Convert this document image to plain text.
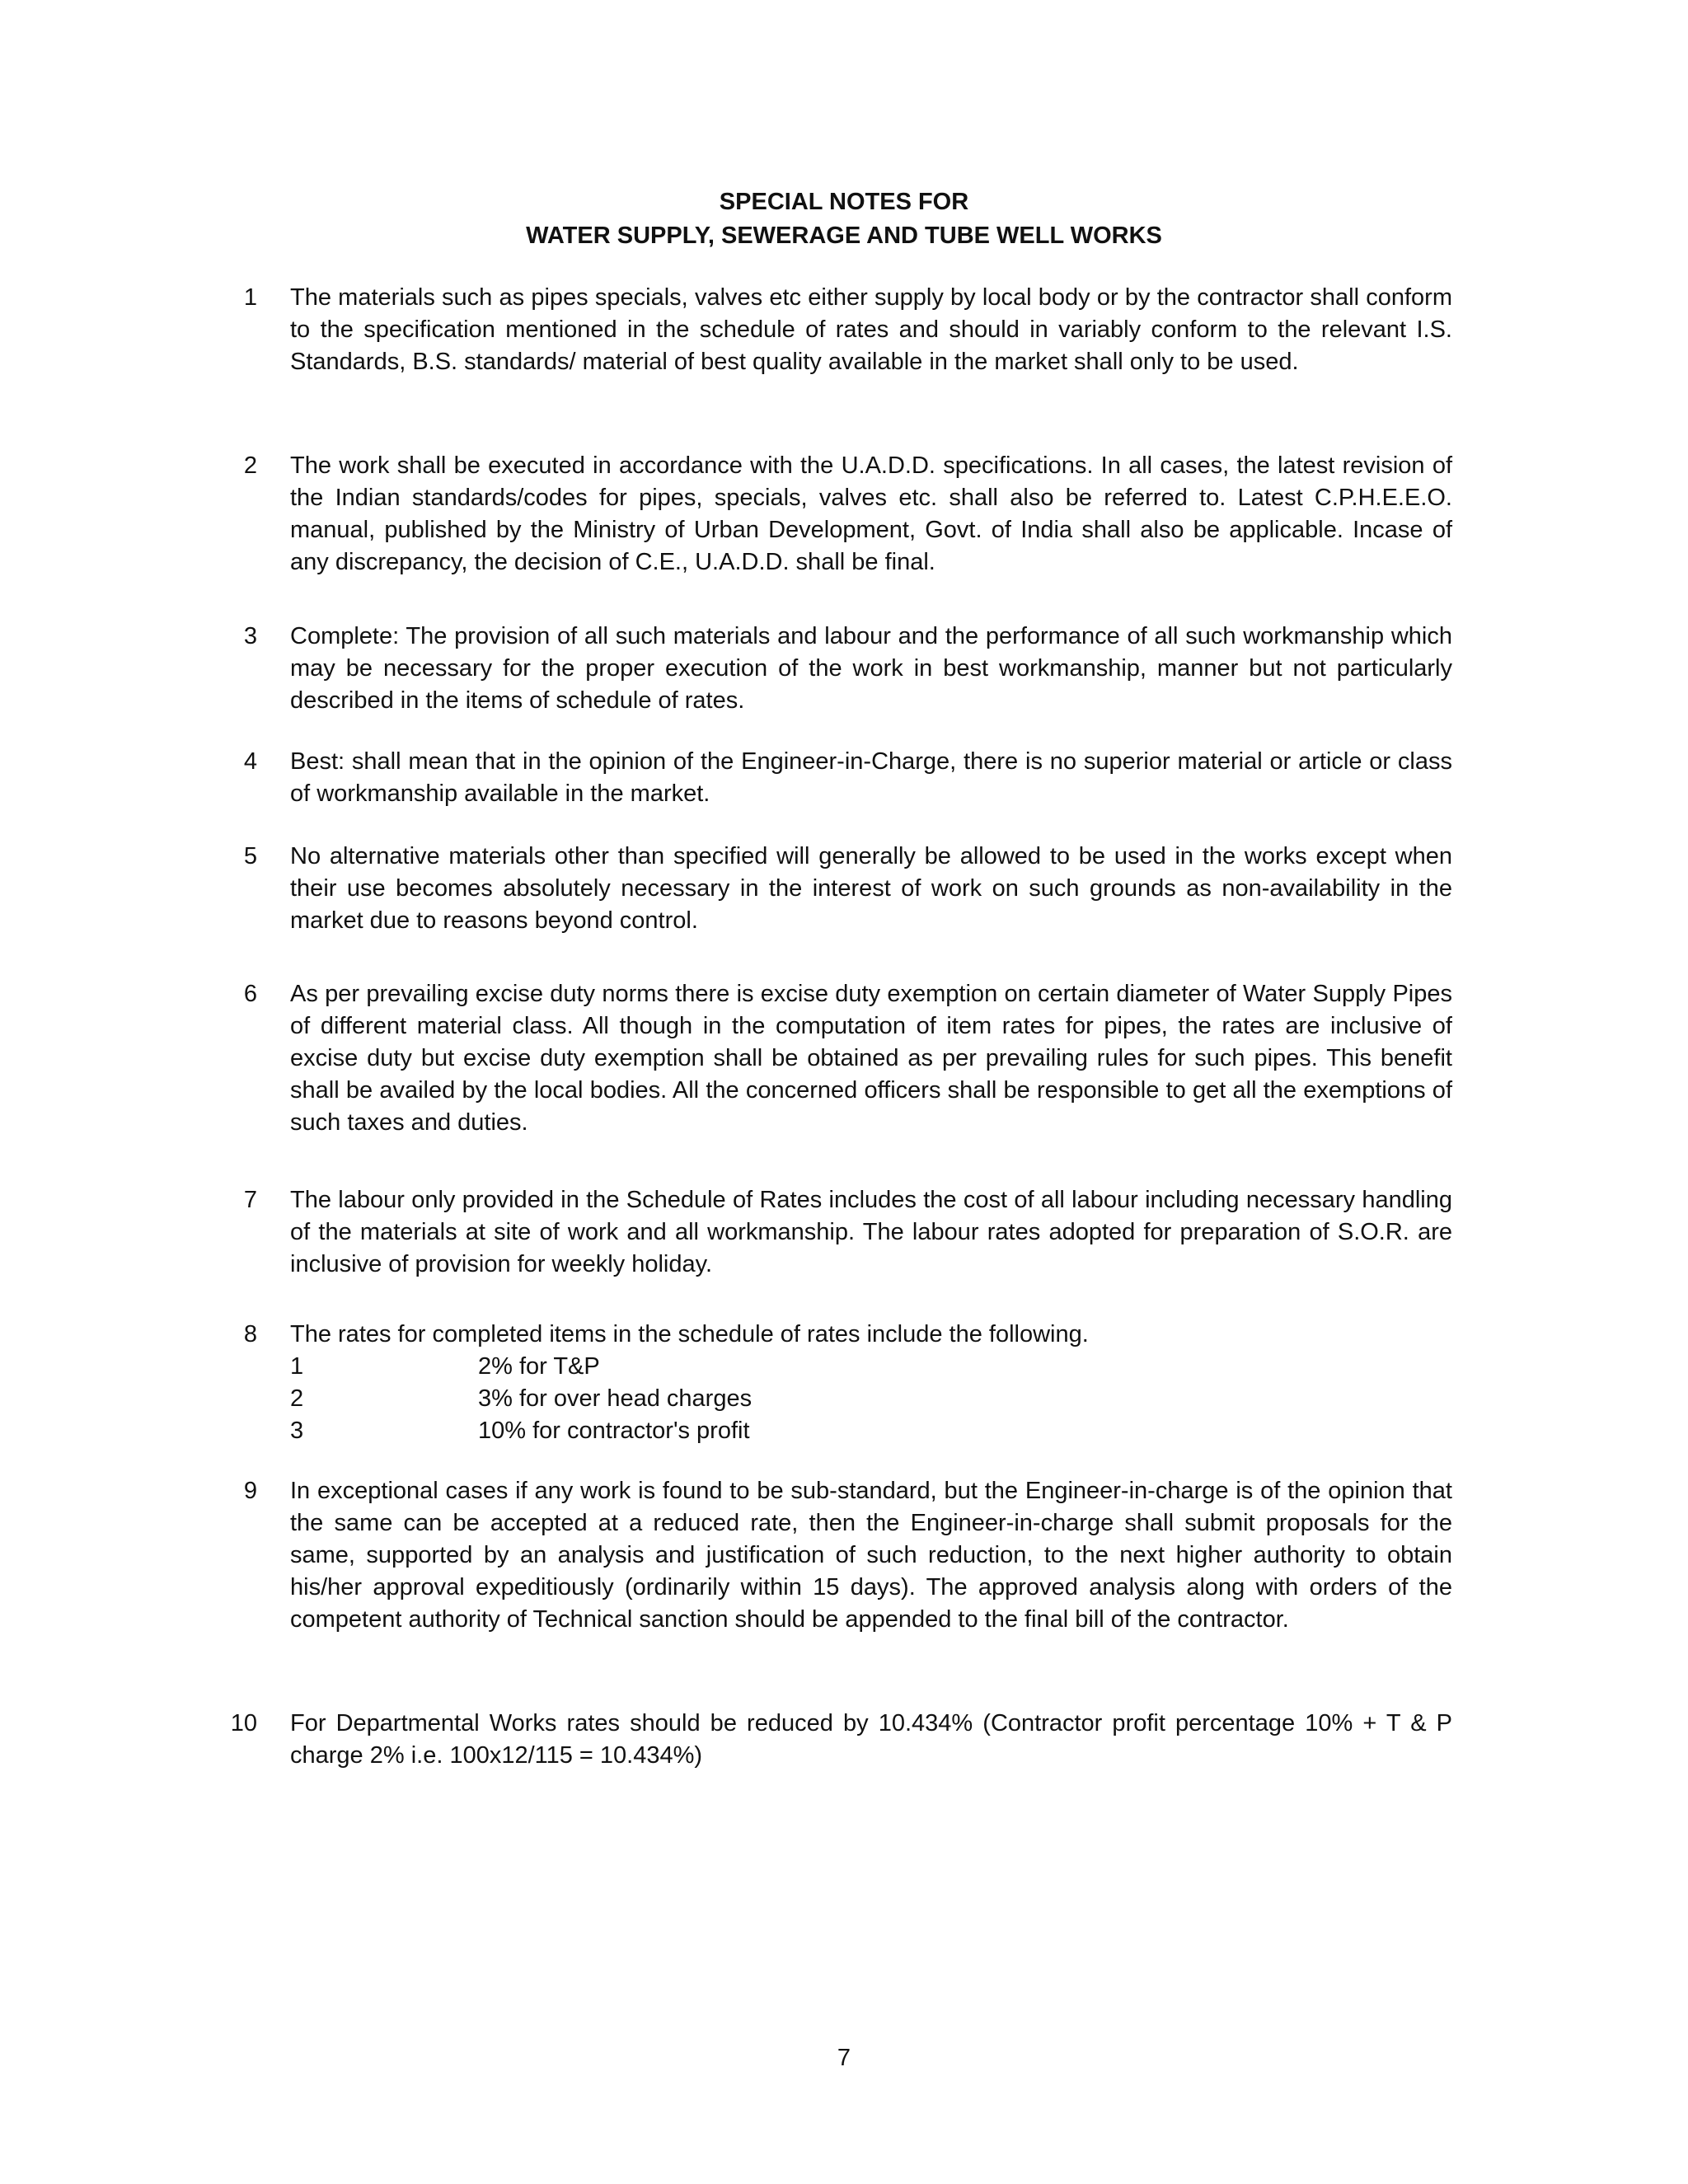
SPECIAL NOTES FOR
WATER SUPPLY, SEWERAGE AND TUBE WELL WORKS
1 The materials such as pipes specials, valves etc either supply by local body or by the contractor shall conform to the specification mentioned in the schedule of rates and should in variably conform to the relevant I.S. Standards, B.S. standards/ material of best quality available in the market shall only to be used.
2 The work shall be executed in accordance with the U.A.D.D. specifications. In all cases, the latest revision of the Indian standards/codes for pipes, specials, valves etc. shall also be referred to. Latest C.P.H.E.E.O. manual, published by the Ministry of Urban Development, Govt. of India shall also be applicable. Incase of any discrepancy, the decision of C.E., U.A.D.D. shall be final.
3 Complete: The provision of all such materials and labour and the performance of all such workmanship which may be necessary for the proper execution of the work in best workmanship, manner but not particularly described in the items of schedule of rates.
4 Best: shall mean that in the opinion of the Engineer-in-Charge, there is no superior material or article or class of workmanship available in the market.
5 No alternative materials other than specified will generally be allowed to be used in the works except when their use becomes absolutely necessary in the interest of work on such grounds as non-availability in the market due to reasons beyond control.
6 As per prevailing excise duty norms there is excise duty exemption on certain diameter of Water Supply Pipes of different material class. All though in the computation of item rates for pipes, the rates are inclusive of excise duty but excise duty exemption shall be obtained as per prevailing rules for such pipes. This benefit shall be availed by the local bodies. All the concerned officers shall be responsible to get all the exemptions of such taxes and duties.
7 The labour only provided in the Schedule of Rates includes the cost of all labour including necessary handling of the materials at site of work and all workmanship. The labour rates adopted for preparation of S.O.R. are inclusive of provision for weekly holiday.
8 The rates for completed items in the schedule of rates include the following.
1	2% for T&P
2	3% for over head charges
3	10% for contractor's profit
9 In exceptional cases if any work is found to be sub-standard, but the Engineer-in-charge is of the opinion that the same can be accepted at a reduced rate, then the Engineer-in-charge shall submit proposals for the same, supported by an analysis and justification of such reduction, to the next higher authority to obtain his/her approval expeditiously (ordinarily within 15 days). The approved analysis along with orders of the competent authority of Technical sanction should be appended to the final bill of the contractor.
10 For Departmental Works rates should be reduced by 10.434% (Contractor profit percentage 10% + T & P charge 2% i.e. 100x12/115 = 10.434%)
7
